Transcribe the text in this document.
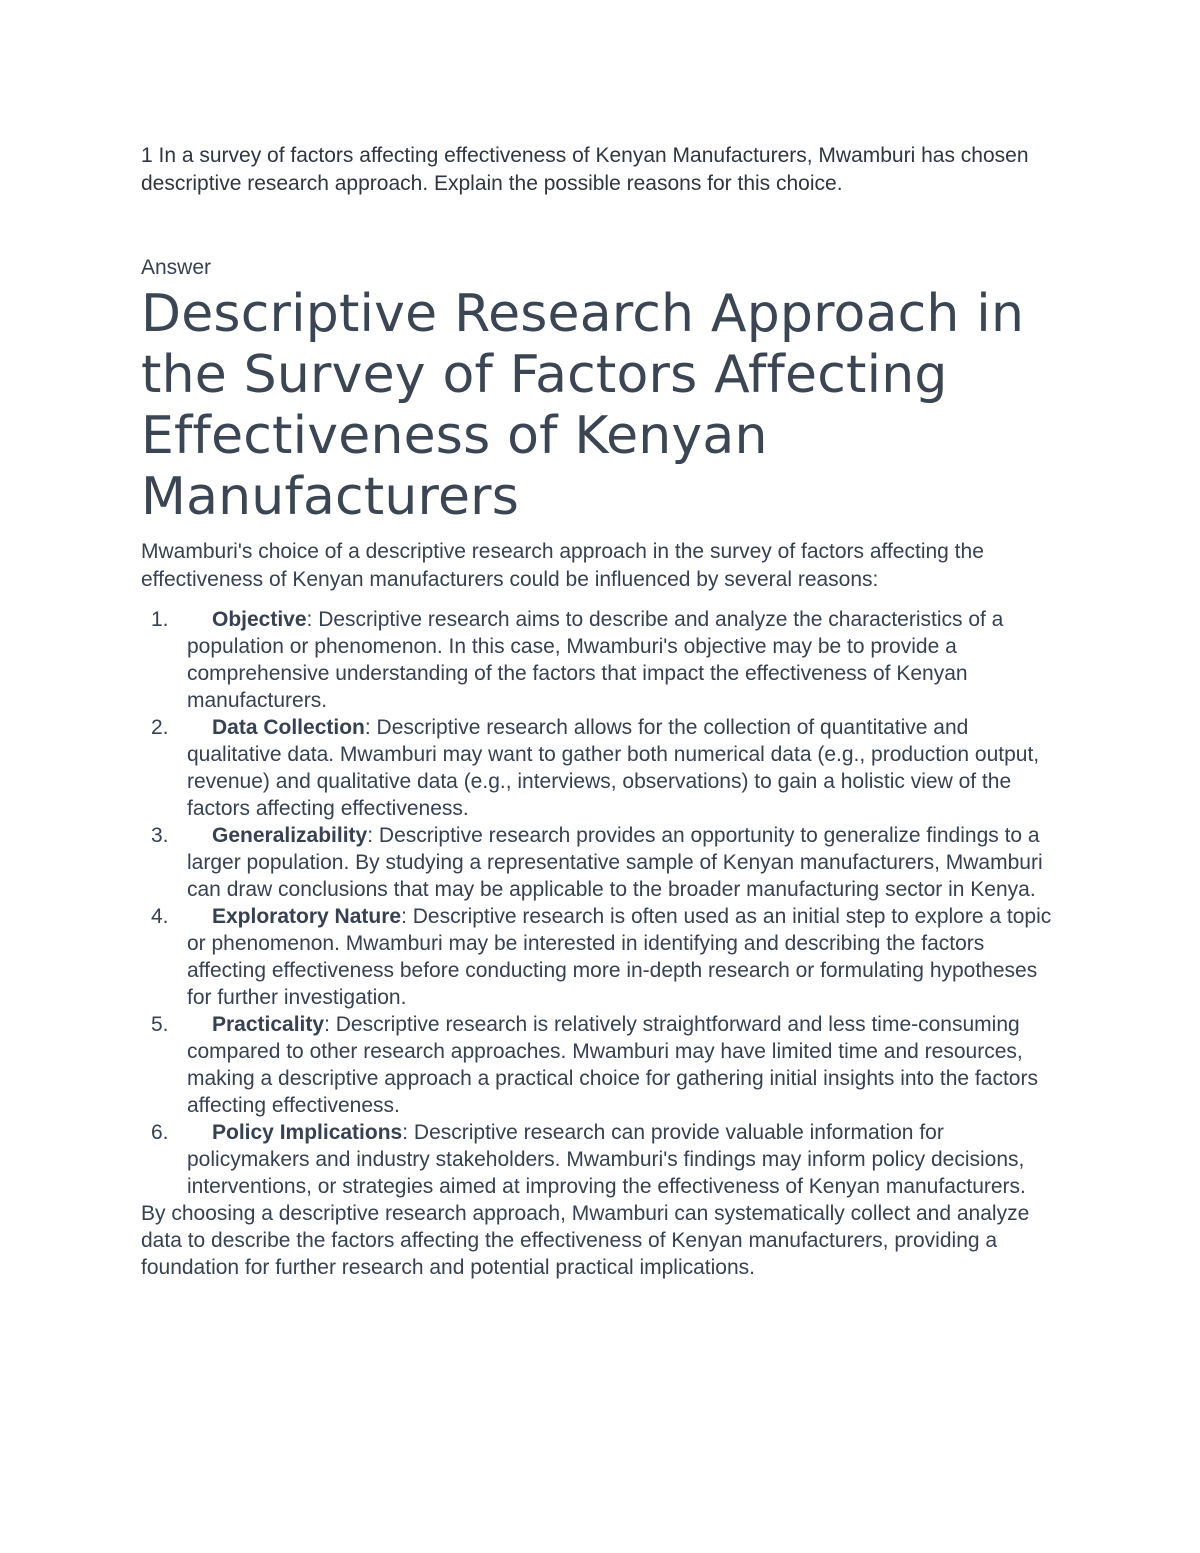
1 In a survey of factors affecting effectiveness of Kenyan Manufacturers, Mwamburi has chosen descriptive research approach. Explain the possible reasons for this choice.

Answer

Descriptive Research Approach in the Survey of Factors Affecting Effectiveness of Kenyan Manufacturers

Mwamburi's choice of a descriptive research approach in the survey of factors affecting the effectiveness of Kenyan manufacturers could be influenced by several reasons:

1. Objective: Descriptive research aims to describe and analyze the characteristics of a population or phenomenon. In this case, Mwamburi's objective may be to provide a comprehensive understanding of the factors that impact the effectiveness of Kenyan manufacturers.
2. Data Collection: Descriptive research allows for the collection of quantitative and qualitative data. Mwamburi may want to gather both numerical data (e.g., production output, revenue) and qualitative data (e.g., interviews, observations) to gain a holistic view of the factors affecting effectiveness.
3. Generalizability: Descriptive research provides an opportunity to generalize findings to a larger population. By studying a representative sample of Kenyan manufacturers, Mwamburi can draw conclusions that may be applicable to the broader manufacturing sector in Kenya.
4. Exploratory Nature: Descriptive research is often used as an initial step to explore a topic or phenomenon. Mwamburi may be interested in identifying and describing the factors affecting effectiveness before conducting more in-depth research or formulating hypotheses for further investigation.
5. Practicality: Descriptive research is relatively straightforward and less time-consuming compared to other research approaches. Mwamburi may have limited time and resources, making a descriptive approach a practical choice for gathering initial insights into the factors affecting effectiveness.
6. Policy Implications: Descriptive research can provide valuable information for policymakers and industry stakeholders. Mwamburi's findings may inform policy decisions, interventions, or strategies aimed at improving the effectiveness of Kenyan manufacturers.

By choosing a descriptive research approach, Mwamburi can systematically collect and analyze data to describe the factors affecting the effectiveness of Kenyan manufacturers, providing a foundation for further research and potential practical implications.
